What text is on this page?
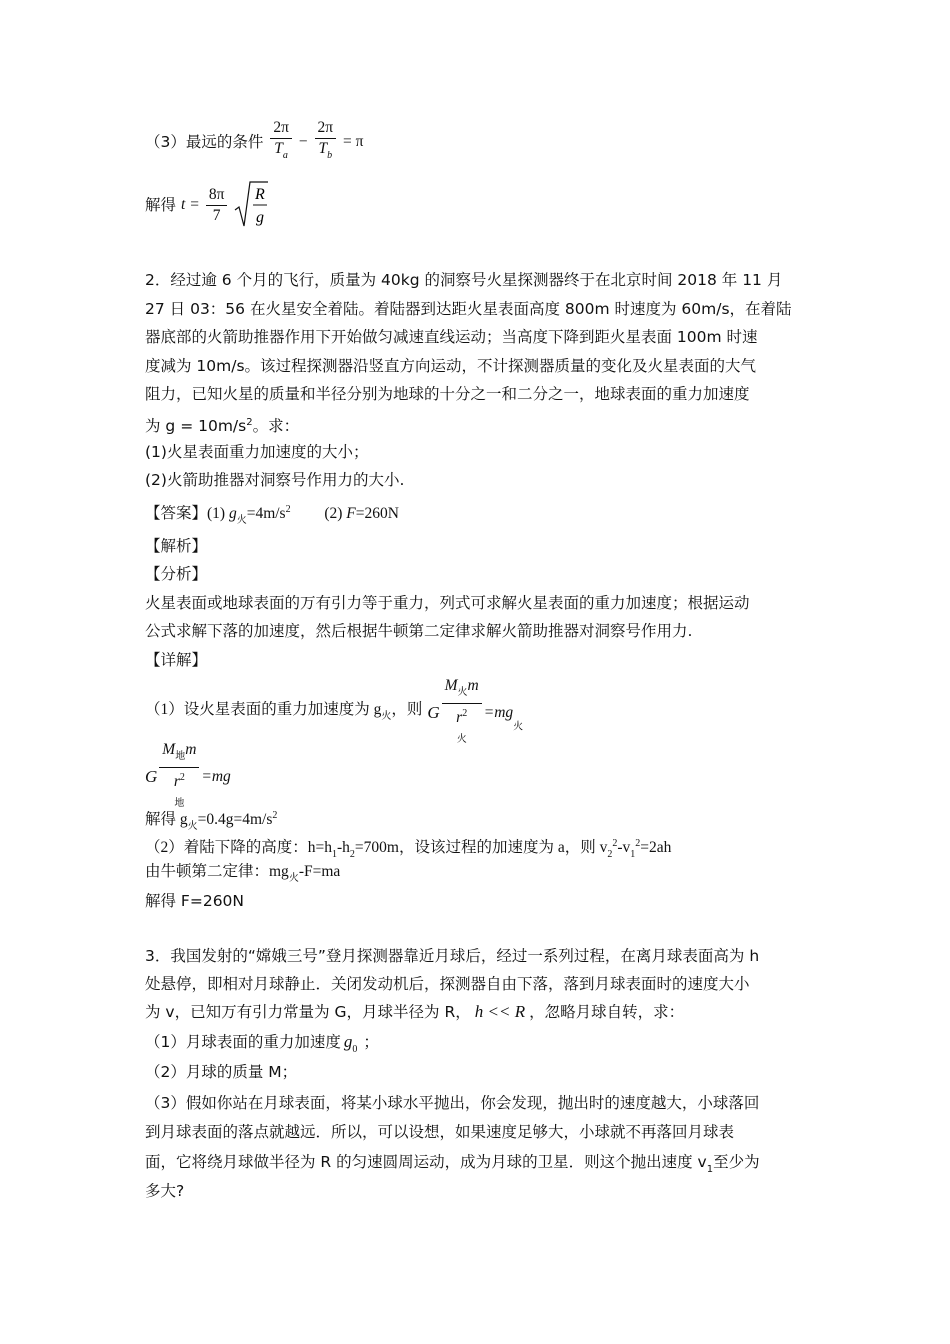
（3）最远的条件 $\frac{2\pi}{T_a} - \frac{2\pi}{T_b} = \pi$
解得 $t = \frac{8\pi}{7}$
R
g
2．经过逾 6 个月的飞行，质量为 40kg 的洞察号火星探测器终于在北京时间 2018 年 11 月
27 日 03：56 在火星安全着陆。着陆器到达距火星表面高度 800m 时速度为 60m/s，在着陆
器底部的火箭助推器作用下开始做匀减速直线运动；当高度下降到距火星表面 100m 时速
度减为 10m/s。该过程探测器沿竖直方向运动，不计探测器质量的变化及火星表面的大气
阻力，已知火星的质量和半径分别为地球的十分之一和二分之一，地球表面的重力加速度
为 $g = 10m/s^2$。求：
(1)火星表面重力加速度的大小；
(2)火箭助推器对洞察号作用力的大小.
【答案】(1) $g_火=4m/s^2$ (2) F=260N
【解析】
【分析】
火星表面或地球表面的万有引力等于重力，列式可求解火星表面的重力加速度；根据运动
公式求解下落的加速度，然后根据牛顿第二定律求解火箭助推器对洞察号作用力.
【详解】
（1）设火星表面的重力加速度为 $g_火$，则 G
$M_火m$
$r^2$
火
$=mg_火$
G
$M_地m$
$r^2$
地
=mg
解得 $g_火=0.4g=4m/s^2$
（2）着陆下降的高度：$h=h_1-h_2=700m$，设该过程的加速度为 a，则 $v_2^2-v_1^2=2ah$
由牛顿第二定律：$mg_火-F=ma$
解得 F=260N
3．我国发射的“嫦娥三号”登月探测器靠近月球后，经过一系列过程，在离月球表面高为 h
处悬停，即相对月球静止．关闭发动机后，探测器自由下落，落到月球表面时的速度大小
为 v，已知万有引力常量为 G，月球半径为 R， h << R ，忽略月球自转，求：
（1）月球表面的重力加速度 $g_0$ ；
（2）月球的质量 M；
（3）假如你站在月球表面，将某小球水平抛出，你会发现，抛出时的速度越大，小球落回
到月球表面的落点就越远．所以，可以设想，如果速度足够大，小球就不再落回月球表
面，它将绕月球做半径为 R 的匀速圆周运动，成为月球的卫星．则这个抛出速度 $v_1$至少为
多大?
